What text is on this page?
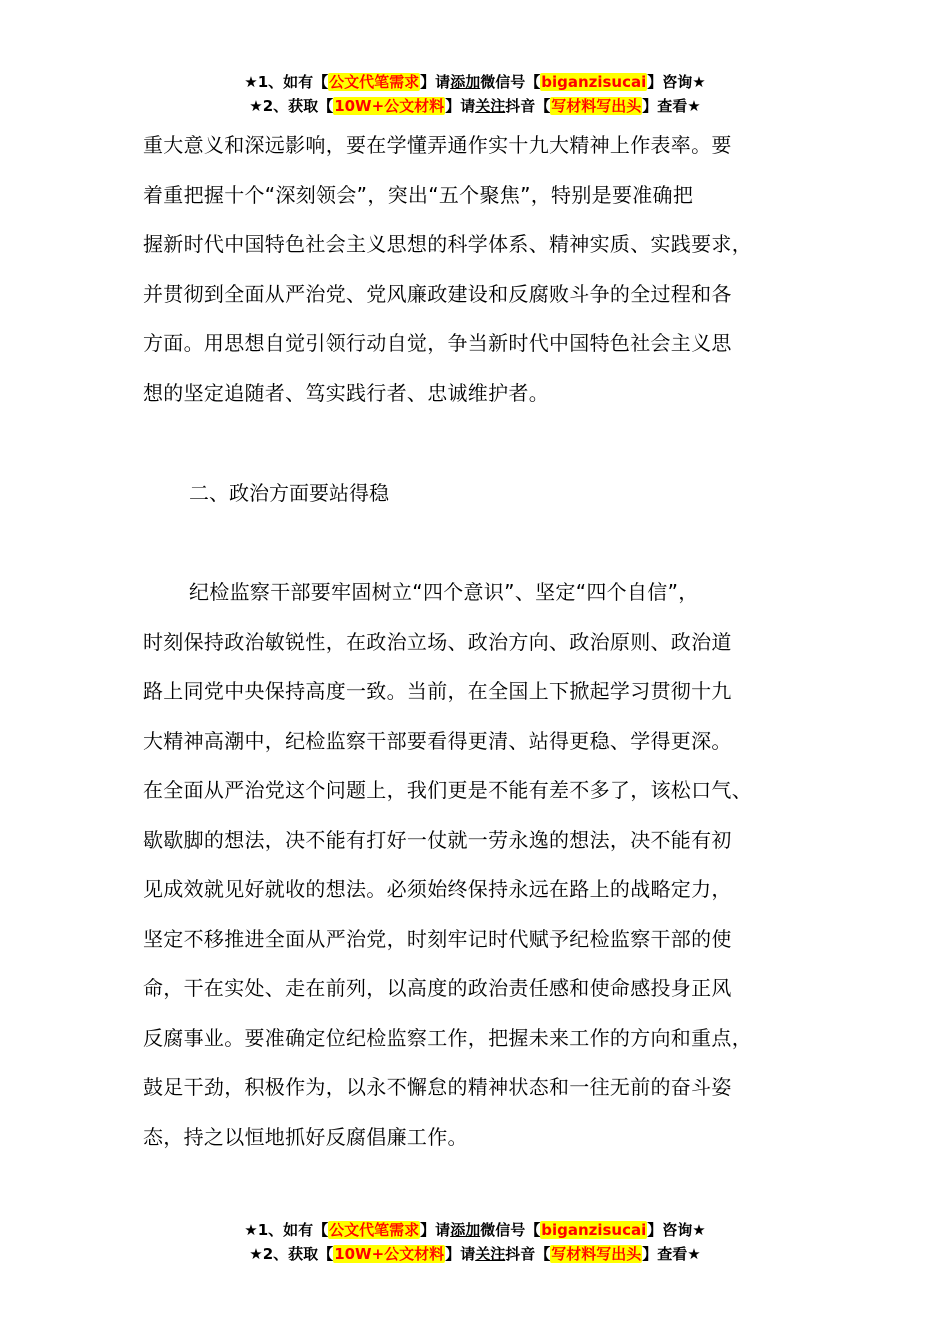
★1、如有【公文代笔需求】请添加微信号【biganzisucai】咨询★
★2、获取【10W+公文材料】请关注抖音【写材料写出头】查看★
重大意义和深远影响，要在学懂弄通作实十九大精神上作表率。要
着重把握十个“深刻领会”，突出“五个聚焦”，特别是要准确把
握新时代中国特色社会主义思想的科学体系、精神实质、实践要求，
并贯彻到全面从严治党、党风廉政建设和反腐败斗争的全过程和各
方面。用思想自觉引领行动自觉，争当新时代中国特色社会主义思
想的坚定追随者、笃实践行者、忠诚维护者。
二、政治方面要站得稳
纪检监察干部要牢固树立“四个意识”、坚定“四个自信”，
时刻保持政治敏锐性，在政治立场、政治方向、政治原则、政治道
路上同党中央保持高度一致。当前，在全国上下掀起学习贯彻十九
大精神高潮中，纪检监察干部要看得更清、站得更稳、学得更深。
在全面从严治党这个问题上，我们更是不能有差不多了，该松口气、
歇歇脚的想法，决不能有打好一仗就一劳永逸的想法，决不能有初
见成效就见好就收的想法。必须始终保持永远在路上的战略定力，
坚定不移推进全面从严治党，时刻牢记时代赋予纪检监察干部的使
命，干在实处、走在前列，以高度的政治责任感和使命感投身正风
反腐事业。要准确定位纪检监察工作，把握未来工作的方向和重点，
鼓足干劲，积极作为，以永不懈怠的精神状态和一往无前的奋斗姿
态，持之以恒地抓好反腐倡廉工作。
★1、如有【公文代笔需求】请添加微信号【biganzisucai】咨询★
★2、获取【10W+公文材料】请关注抖音【写材料写出头】查看★
